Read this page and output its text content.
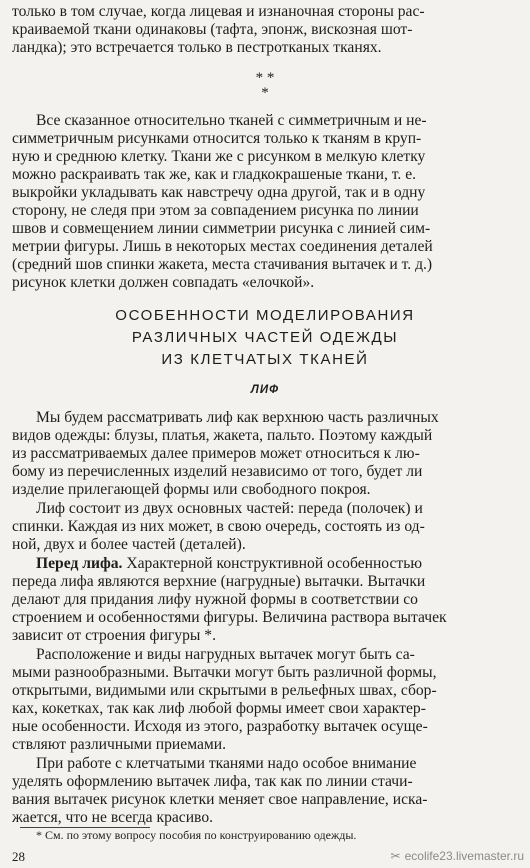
только в том случае, когда лицевая и изнаночная стороны рас-
краиваемой ткани одинаковы (тафта, эпонж, вискозная шот-
ландка); это встречается только в пестротканых тканях.
* *
*
Все сказанное относительно тканей с симметричным и не-
симметричным рисунками относится только к тканям в круп-
ную и среднюю клетку. Ткани же с рисунком в мелкую клетку
можно раскраивать так же, как и гладкокрашеные ткани, т. е.
выкройки укладывать как навстречу одна другой, так и в одну
сторону, не следя при этом за совпадением рисунка по линии
швов и совмещением линии симметрии рисунка с линией сим-
метрии фигуры. Лишь в некоторых местах соединения деталей
(средний шов спинки жакета, места стачивания вытачек и т. д.)
рисунок клетки должен совпадать «елочкой».
ОСОБЕННОСТИ МОДЕЛИРОВАНИЯ
РАЗЛИЧНЫХ ЧАСТЕЙ ОДЕЖДЫ
ИЗ КЛЕТЧАТЫХ ТКАНЕЙ
ЛИФ
Мы будем рассматривать лиф как верхнюю часть различных
видов одежды: блузы, платья, жакета, пальто. Поэтому каждый
из рассматриваемых далее примеров может относиться к лю-
бому из перечисленных изделий независимо от того, будет ли
изделие прилегающей формы или свободного покроя.
Лиф состоит из двух основных частей: переда (полочек) и
спинки. Каждая из них может, в свою очередь, состоять из од-
ной, двух и более частей (деталей).
Перед лифа. Характерной конструктивной особенностью
переда лифа являются верхние (нагрудные) вытачки. Вытачки
делают для придания лифу нужной формы в соответствии со
строением и особенностями фигуры. Величина раствора вытачек
зависит от строения фигуры *.
Расположение и виды нагрудных вытачек могут быть са-
мыми разнообразными. Вытачки могут быть различной формы,
открытыми, видимыми или скрытыми в рельефных швах, сбор-
ках, кокетках, так как лиф любой формы имеет свои характер-
ные особенности. Исходя из этого, разработку вытачек осуще-
ствляют различными приемами.
При работе с клетчатыми тканями надо особое внимание
уделять оформлению вытачек лифа, так как по линии стачи-
вания вытачек рисунок клетки меняет свое направление, иска-
жается, что не всегда красиво.
* См. по этому вопросу пособия по конструированию одежды.
28	✂ ecolife23.livemaster.ru
